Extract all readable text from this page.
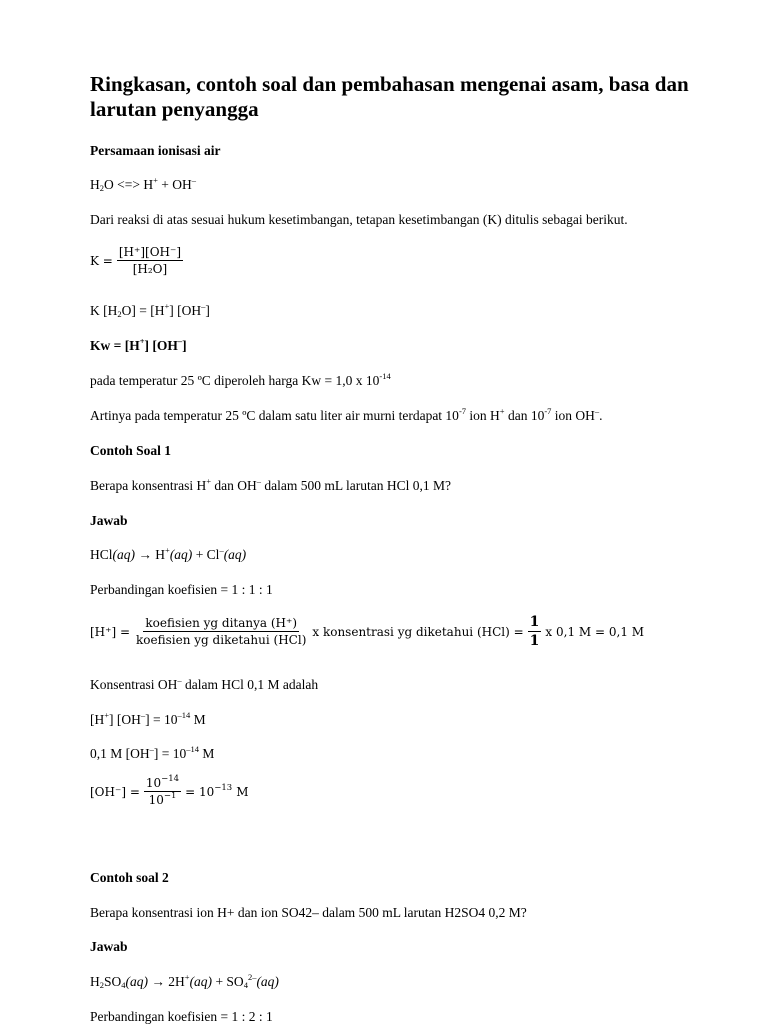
Ringkasan, contoh soal dan pembahasan mengenai asam, basa dan larutan penyangga
Persamaan ionisasi air
$H_2O$ <=> H+ + OH–
Dari reaksi di atas sesuai hukum kesetimbangan, tetapan kesetimbangan (K) ditulis sebagai berikut.
$K = \frac{[H^+][OH^-]}{\text{[H₂O]}}$
K $[H_2O] = [H^+]$ [OH–]
Kw = [H+] [OH–]
pada temperatur 25 ºC diperoleh harga Kw = 1,0 x $10^{-14}$
Artinya pada temperatur 25 ºC dalam satu liter air murni terdapat $10^{-7}$ ion H+ dan $10^{-7}$ ion OH–.
Contoh Soal 1
Berapa konsentrasi H+ dan OH– dalam 500 mL larutan HCl 0,1 M?
Jawab
HCl(aq) → H+(aq) + Cl–(aq)
Perbandingan koefisien = 1 : 1 : 1
$[H^+] = \frac{\text{koefisien yg ditanya (H⁺)}}{\text{koefisien yg diketahui (HCl)}}$ x konsentrasi yg diketahui $(HCl) = \frac{1}{1}$ x 0,1 M = 0,1 M
Konsentrasi OH– dalam HCl 0,1 M adalah
[H+] $[OH^-] = 10^{-14}$ M
0,1 M $[OH^-] = 10^{-14}$ M
$[OH^-] = \frac{10^{-14}}{10^{-1}} = 10^{-13}$ M
Contoh soal 2
Berapa konsentrasi ion H+ dan ion SO42– dalam 500 mL larutan H2SO4 0,2 M?
Jawab
$H_2SO_4(aq) \to 2H^+(aq) + SO_4^{2-}(aq)$
Perbandingan koefisien = 1 : 2 : 1
